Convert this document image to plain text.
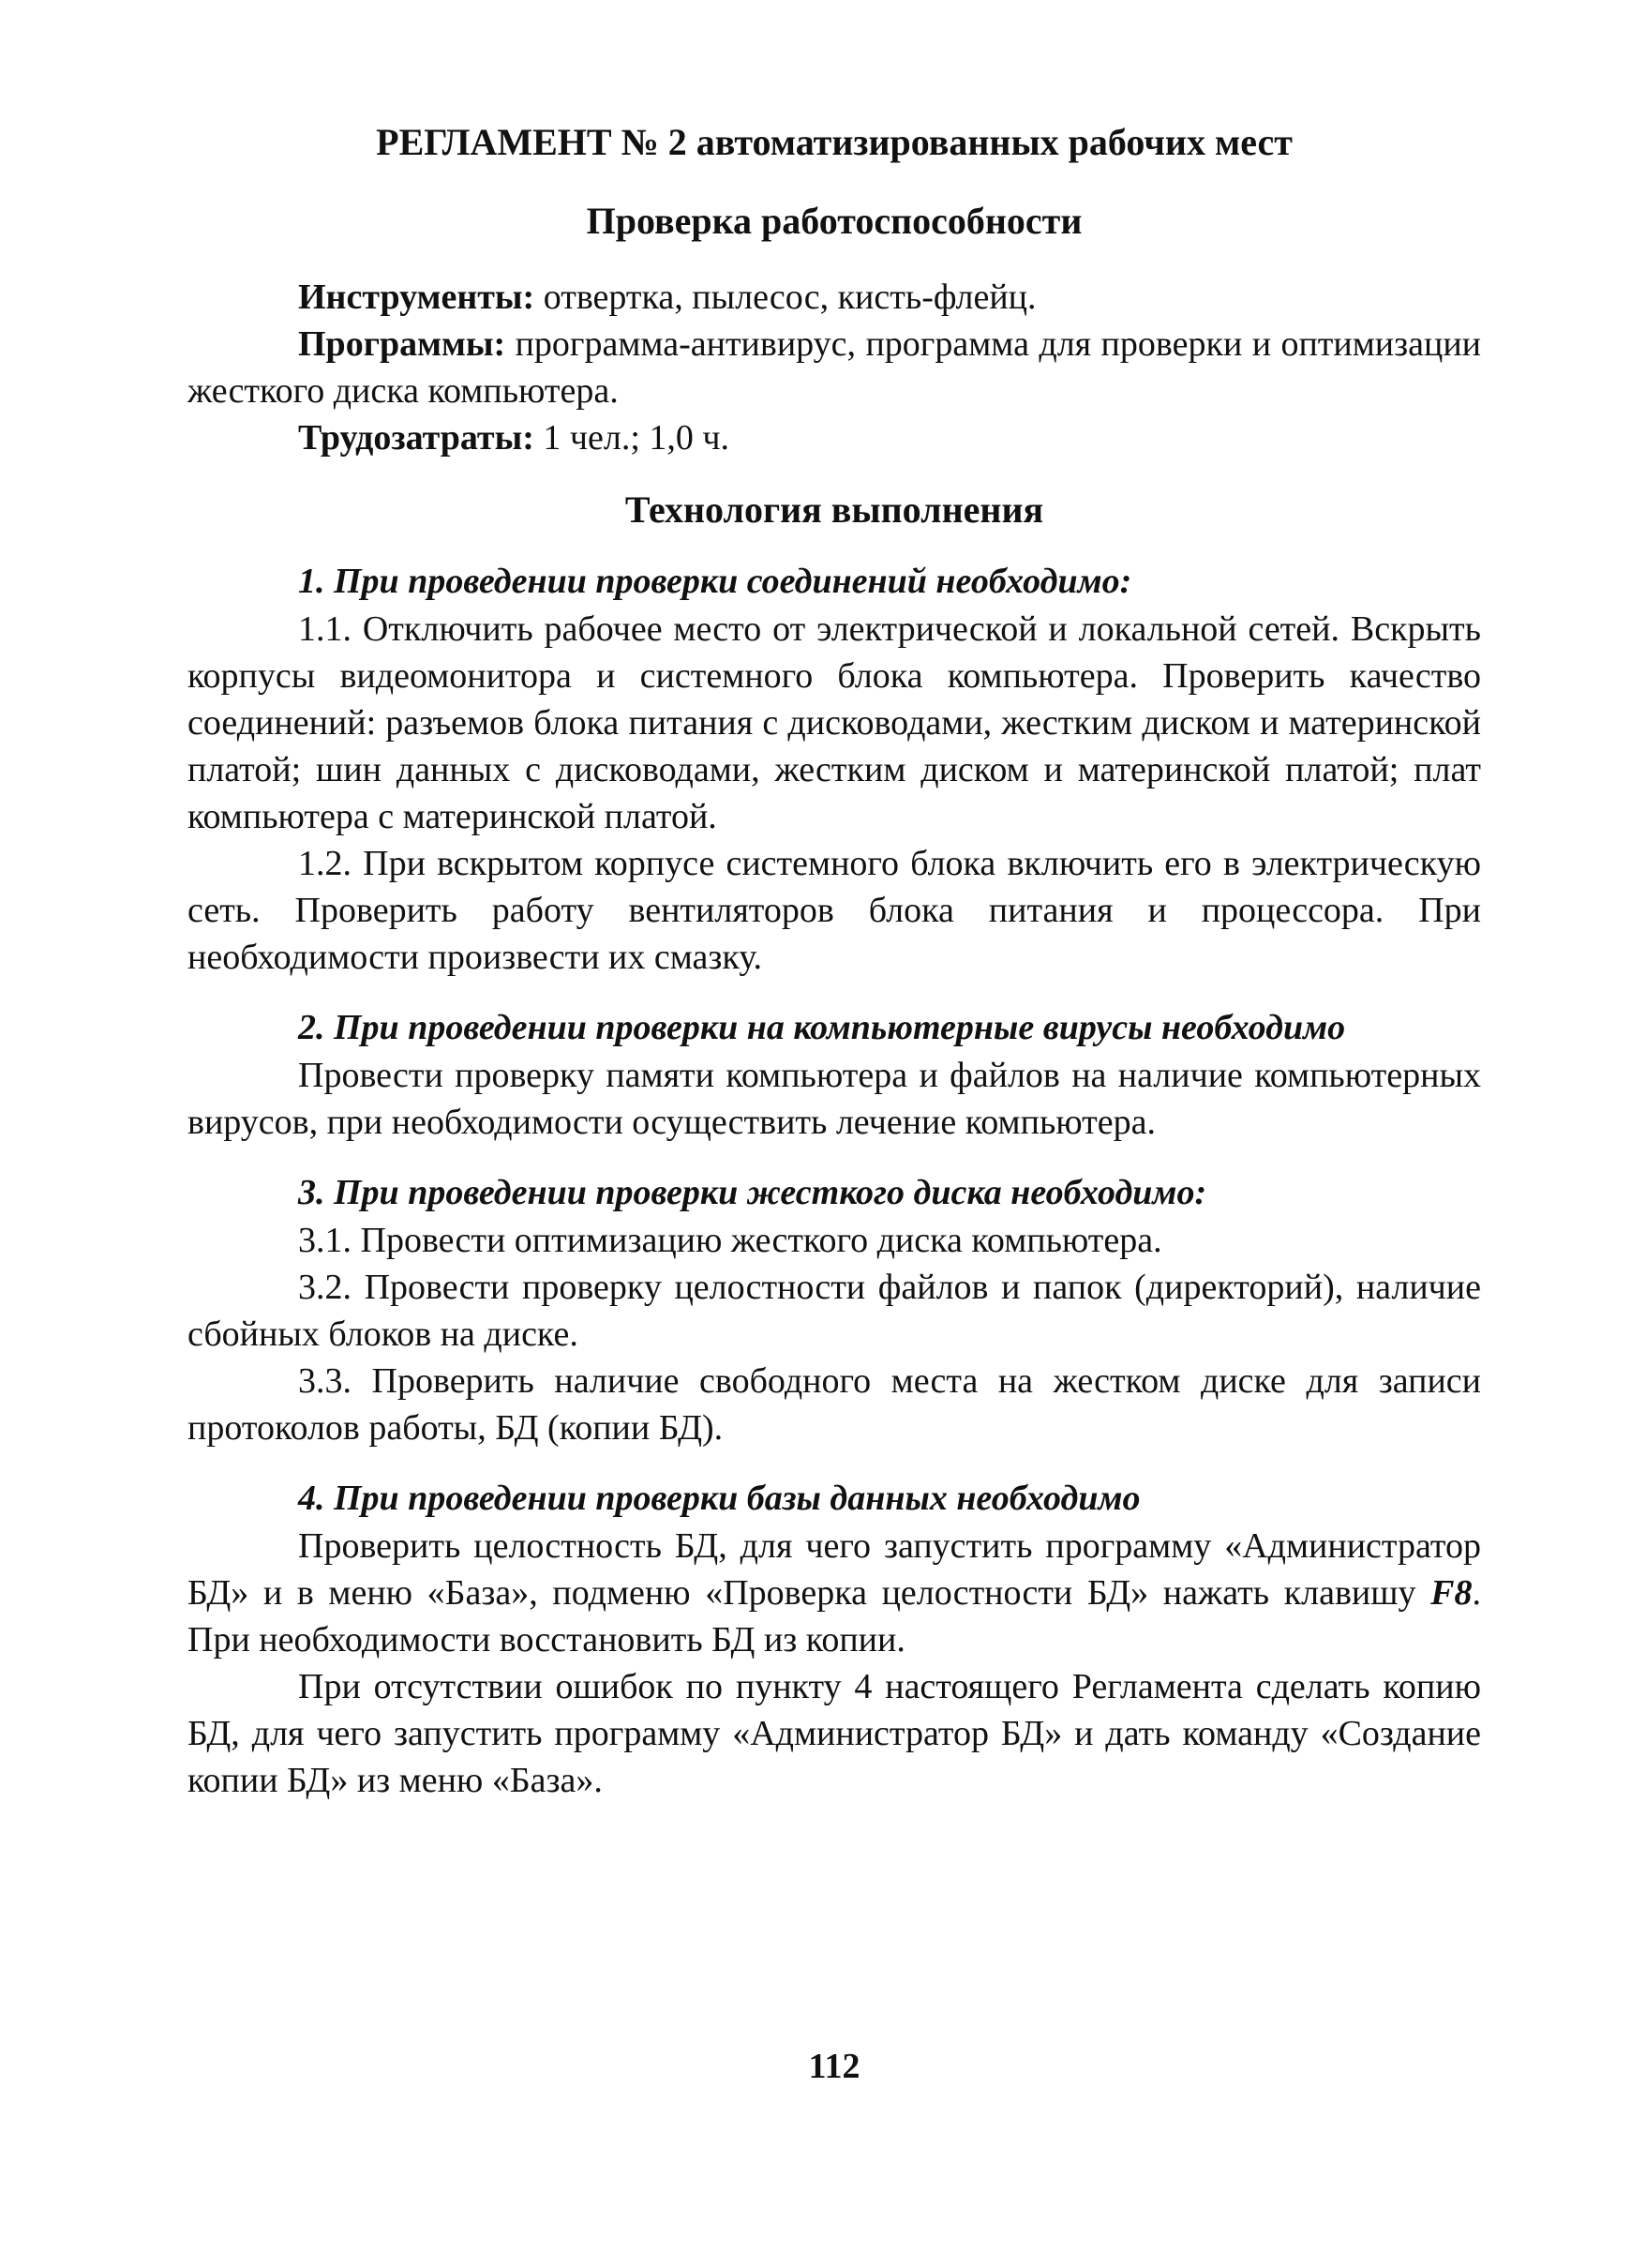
РЕГЛАМЕНТ № 2 автоматизированных рабочих мест
Проверка работоспособности

Инструменты: отвертка, пылесос, кисть-флейц.

Программы: программа-антивирус, программа для проверки и оптимизации жесткого диска компьютера.

Трудозатраты: 1 чел.; 1,0 ч.

Технология выполнения

1. При проведении проверки соединений необходимо:

1.1. Отключить рабочее место от электрической и локальной сетей. Вскрыть корпусы видеомонитора и системного блока компьютера. Проверить качество соединений: разъемов блока питания с дисководами, жестким диском и материнской платой; шин данных с дисководами, жестким диском и материнской платой; плат компьютера с материнской платой.

1.2. При вскрытом корпусе системного блока включить его в электрическую сеть. Проверить работу вентиляторов блока питания и процессора. При необходимости произвести их смазку.

2. При проведении проверки на компьютерные вирусы необходимо

Провести проверку памяти компьютера и файлов на наличие компьютерных вирусов, при необходимости осуществить лечение компьютера.

3. При проведении проверки жесткого диска необходимо:

3.1. Провести оптимизацию жесткого диска компьютера.

3.2. Провести проверку целостности файлов и папок (директорий), наличие сбойных блоков на диске.

3.3. Проверить наличие свободного места на жестком диске для записи протоколов работы, БД (копии БД).

4. При проведении проверки базы данных необходимо

Проверить целостность БД, для чего запустить программу «Администратор БД» и в меню «База», подменю «Проверка целостности БД» нажать клавишу F8. При необходимости восстановить БД из копии.

При отсутствии ошибок по пункту 4 настоящего Регламента сделать копию БД, для чего запустить программу «Администратор БД» и дать команду «Создание копии БД» из меню «База».

112
